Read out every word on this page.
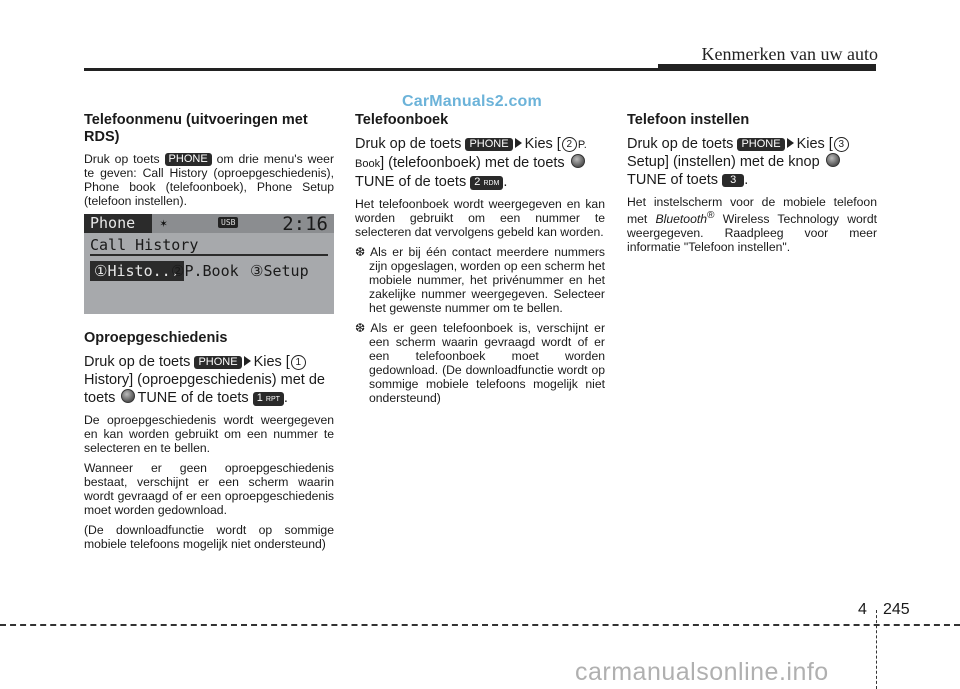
Kenmerken van uw auto
CarManuals2.com
Telefoonmenu (uitvoeringen met RDS)

Druk op toets PHONE om drie menu's weer te geven: Call History (oproepgeschiedenis), Phone book (telefoonboek), Phone Setup (telefoon instellen).

Phone	✶	USB 2:16
Call History
①Histo...
②P.Book ③Setup
Oproepgeschiedenis

Druk op de toets PHONE Kies [ 1 History] (oproepgeschiedenis) met de toets TUNE of de toets 1 RPT .

De oproepgeschiedenis wordt weergegeven en kan worden gebruikt om een nummer te selecteren en te bellen.

Wanneer er geen oproepgeschiedenis bestaat, verschijnt er een scherm waarin wordt gevraagd of er een oproepgeschiedenis moet worden gedownload.

(De downloadfunctie wordt op sommige mobiele telefoons mogelijk niet ondersteund)

Telefoonboek

Druk op de toets PHONE Kies [ 2 P. Book] (telefoonboek) met de toets  TUNE of de toets 2 RDM .

Het telefoonboek wordt weergegeven en kan worden gebruikt om een nummer te selecteren dat vervolgens gebeld kan worden.

❆ Als er bij één contact meerdere nummers zijn opgeslagen, worden op een scherm het mobiele nummer, het privénummer en het zakelijke nummer weergegeven. Selecteer het gewenste nummer om te bellen.

❆ Als er geen telefoonboek is, verschijnt er een scherm waarin gevraagd wordt of er een telefoonboek moet worden gedownload. (De downloadfunctie wordt op sommige mobiele telefoons mogelijk niet ondersteund)

Telefoon instellen

Druk op de toets PHONE Kies [ 3 Setup] (instellen) met de knop  TUNE of toets 3 .

Het instelscherm voor de mobiele telefoon met Bluetooth® Wireless Technology wordt weergegeven. Raadpleeg voor meer informatie "Telefoon instellen".

4 245
carmanualsonline.info
